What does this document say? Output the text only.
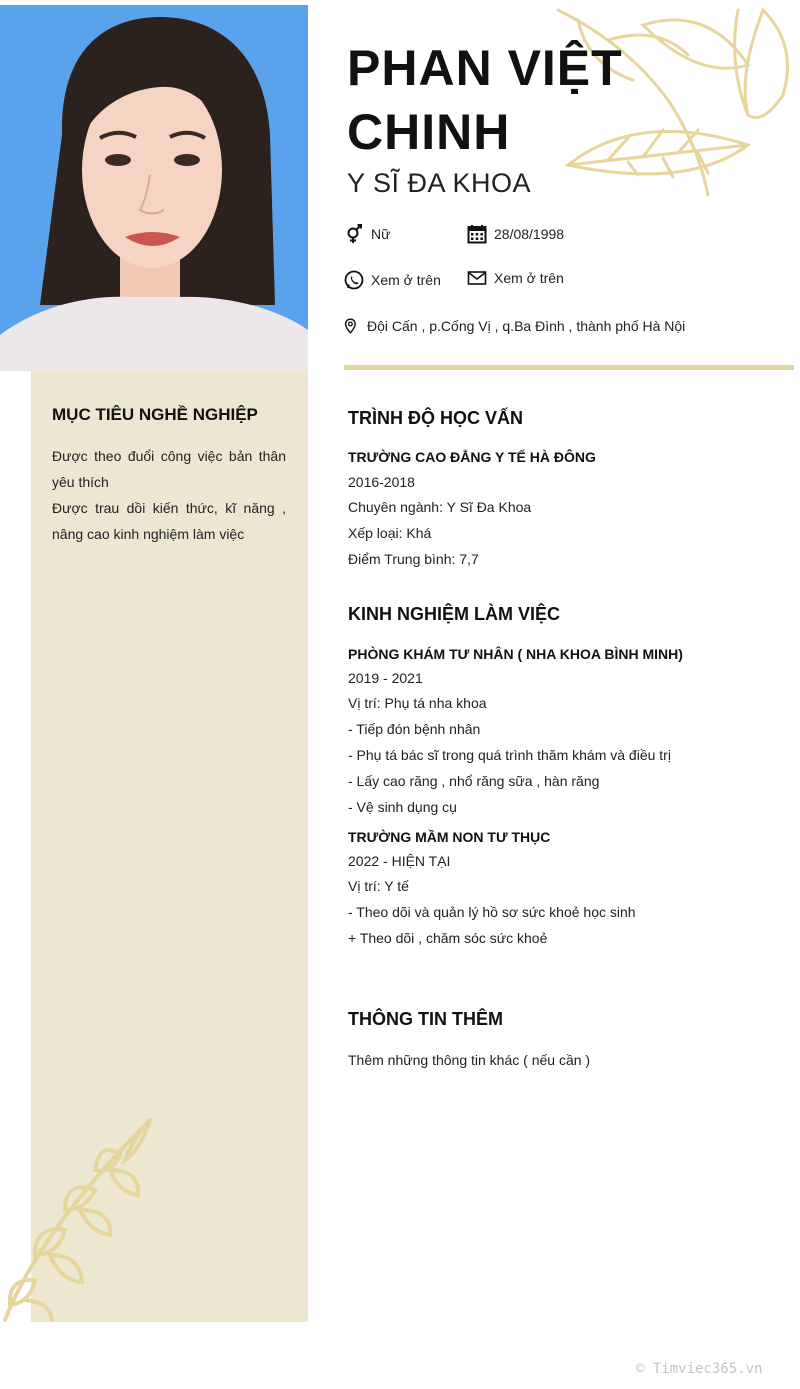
PHAN VIỆT
CHINH
Y SĨ ĐA KHOA
Nữ	28/08/1998
Xem ở trên	Xem ở trên
Đội Cấn , p.Cống Vị , q.Ba Đình , thành phố Hà Nội
MỤC TIÊU NGHỀ NGHIỆP

Được theo đuổi công việc bản thân yêu thích

Được trau dồi kiến thức, kĩ năng , nâng cao kinh nghiệm làm việc

TRÌNH ĐỘ HỌC VẤN
TRƯỜNG CAO ĐẲNG Y TẾ HÀ ĐÔNG
2016-2018
Chuyên ngành: Y Sĩ Đa Khoa
Xếp loại: Khá
Điểm Trung bình: 7,7
KINH NGHIỆM LÀM VIỆC
PHÒNG KHÁM TƯ NHÂN ( NHA KHOA BÌNH MINH)
2019 - 2021
Vị trí: Phụ tá nha khoa
- Tiếp đón bệnh nhân
- Phụ tá bác sĩ trong quá trình thăm khám và điều trị
- Lấy cao răng , nhổ răng sữa , hàn răng
- Vệ sinh dụng cụ
TRƯỜNG MẦM NON TƯ THỤC
2022 - HIỆN TẠI
Vị trí: Y tế
- Theo dõi và quản lý hồ sơ sức khoẻ học sinh
+ Theo dõi , chăm sóc sức khoẻ
THÔNG TIN THÊM
Thêm những thông tin khác ( nếu cần )
© Timviec365.vn
